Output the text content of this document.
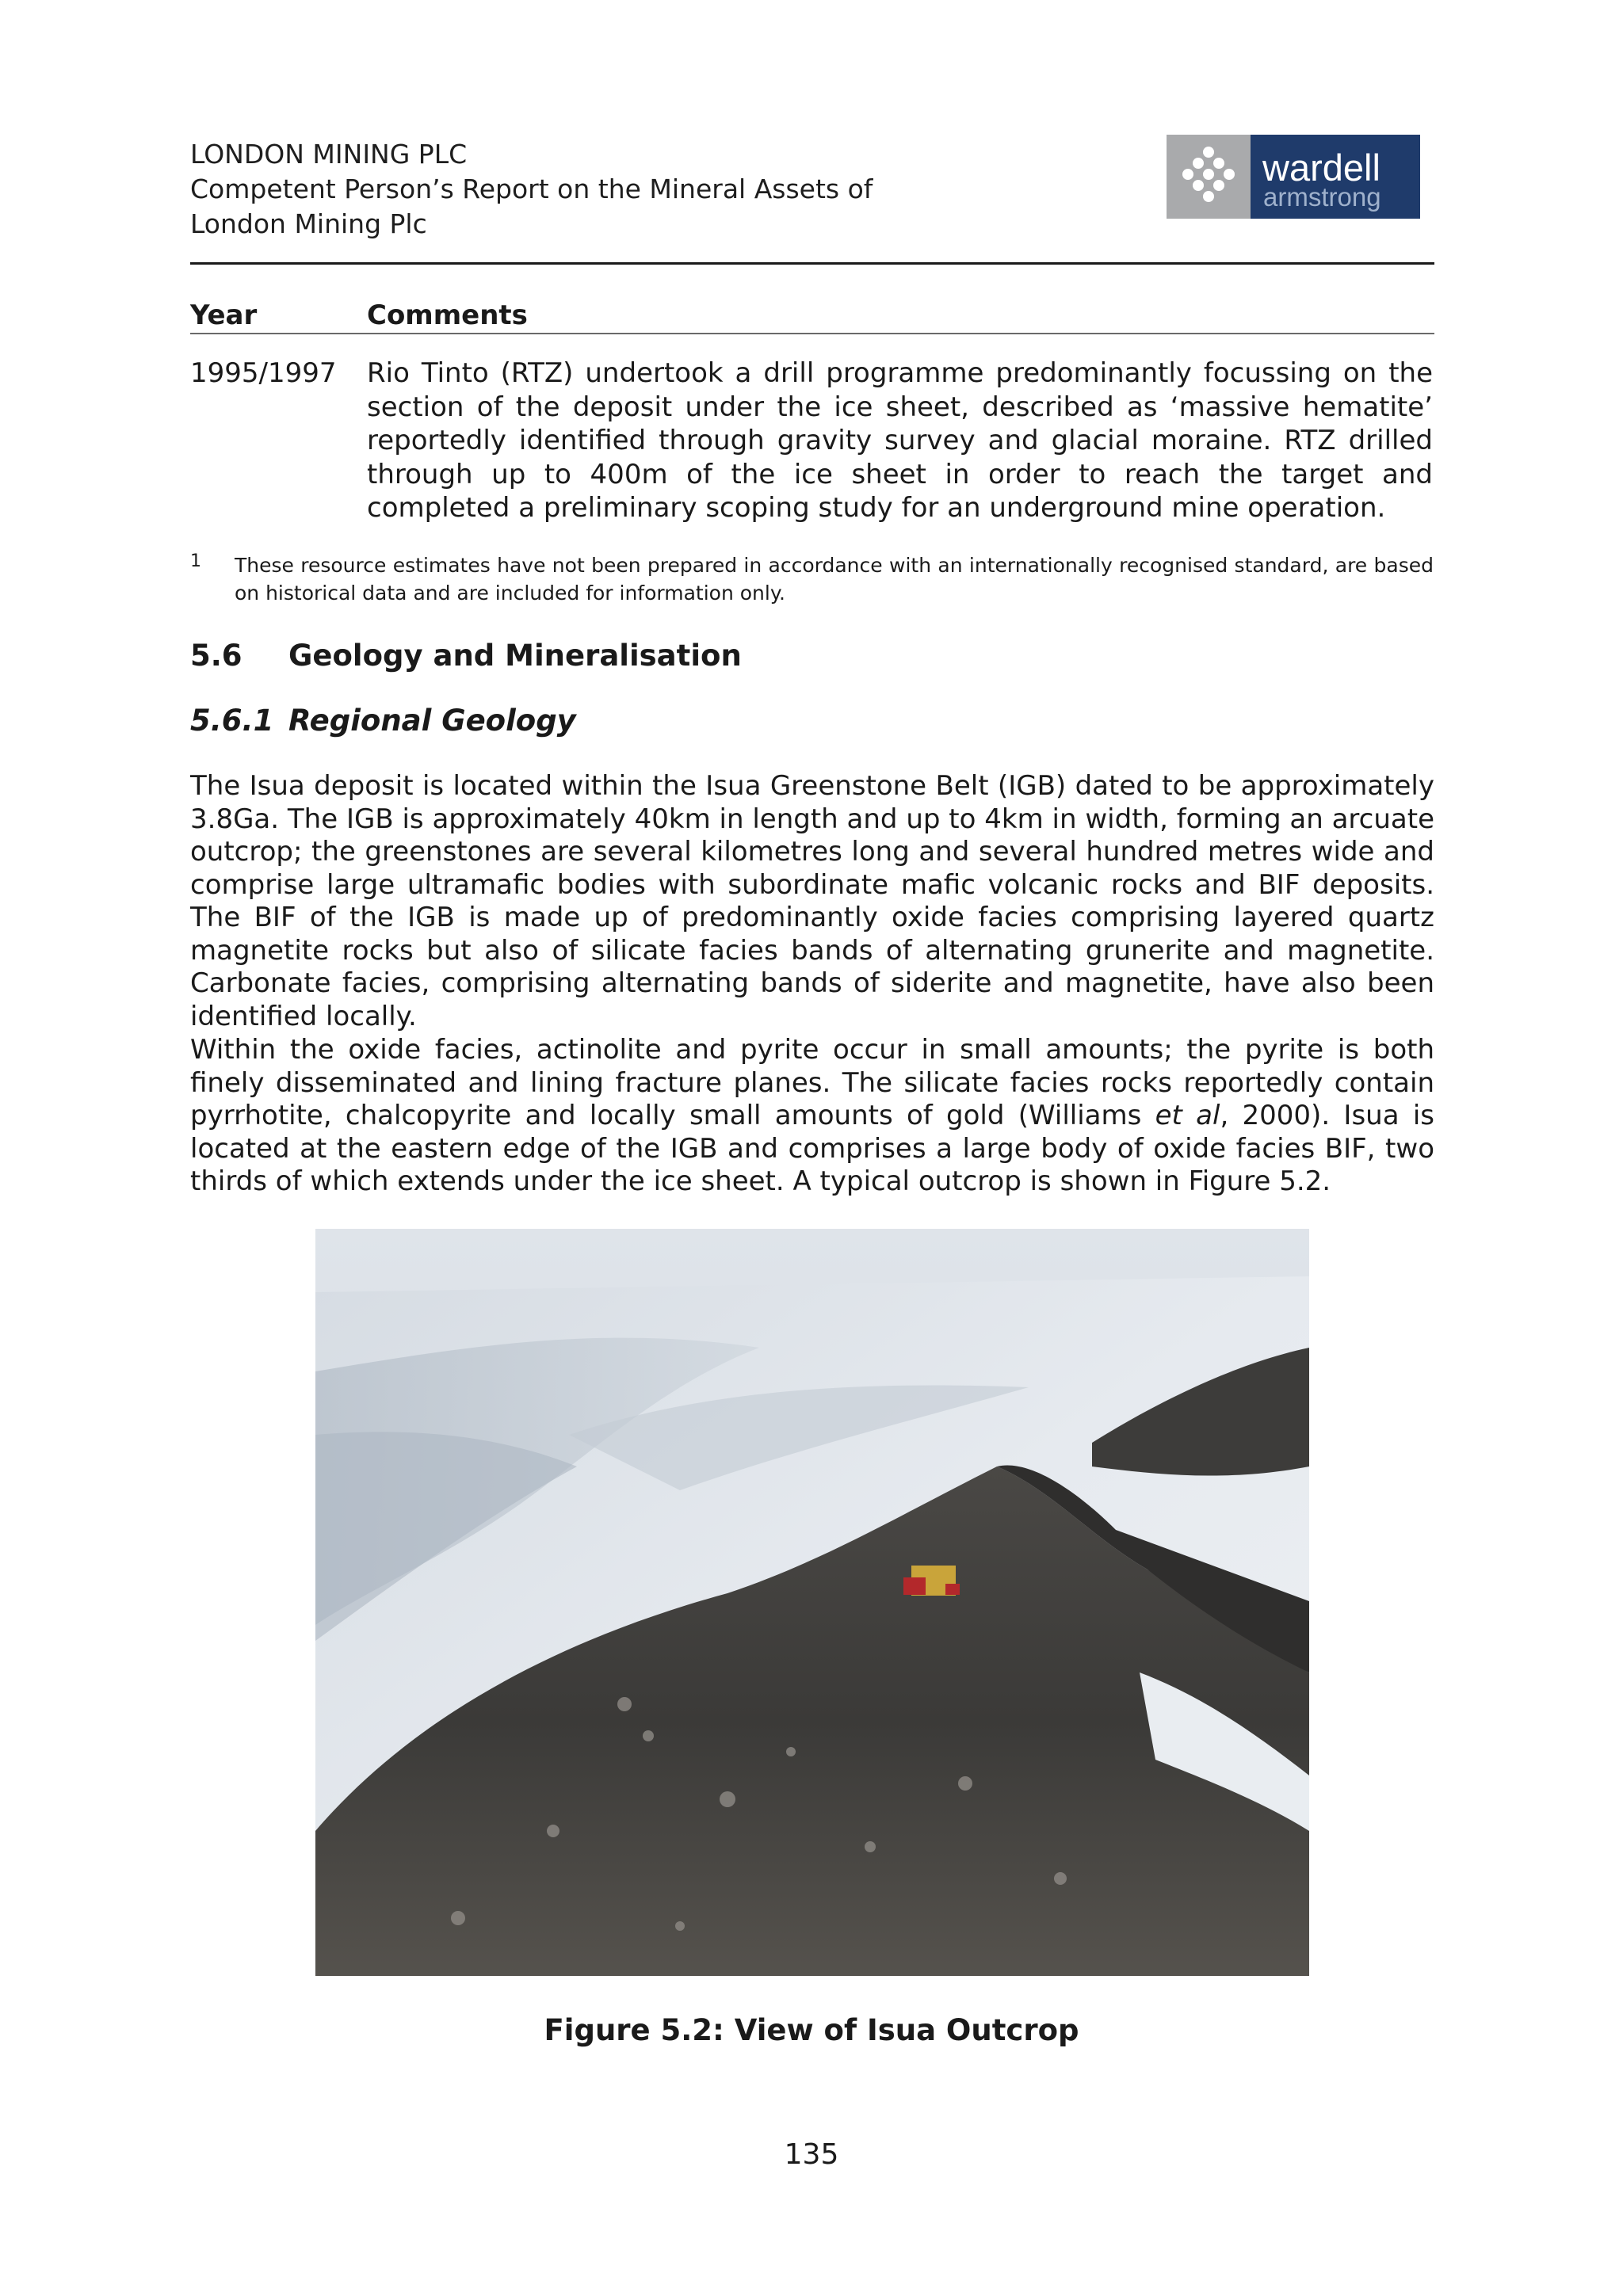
LONDON MINING PLC
Competent Person’s Report on the Mineral Assets of
London Mining Plc
wardell
armstrong
Year	Comments
1995/1997 Rio Tinto (RTZ) undertook a drill programme predominantly focussing on the section of the deposit under the ice sheet, described as ‘massive hematite’ reportedly identified through gravity survey and glacial moraine. RTZ drilled through up to 400m of the ice sheet in order to reach the target and completed a preliminary scoping study for an underground mine operation.
1 These resource estimates have not been prepared in accordance with an internationally recognised standard, are based on historical data and are included for information only.
5.6 Geology and Mineralisation
5.6.1 Regional Geology
The Isua deposit is located within the Isua Greenstone Belt (IGB) dated to be approximately 3.8Ga. The IGB is approximately 40km in length and up to 4km in width, forming an arcuate outcrop; the greenstones are several kilometres long and several hundred metres wide and comprise large ultramafic bodies with subordinate mafic volcanic rocks and BIF deposits. The BIF of the IGB is made up of predominantly oxide facies comprising layered quartz magnetite rocks but also of silicate facies bands of alternating grunerite and magnetite. Carbonate facies, comprising alternating bands of siderite and magnetite, have also been identified locally.
Within the oxide facies, actinolite and pyrite occur in small amounts; the pyrite is both finely disseminated and lining fracture planes. The silicate facies rocks reportedly contain pyrrhotite, chalcopyrite and locally small amounts of gold (Williams et al, 2000). Isua is located at the eastern edge of the IGB and comprises a large body of oxide facies BIF, two thirds of which extends under the ice sheet. A typical outcrop is shown in Figure 5.2.
Figure 5.2: View of Isua Outcrop
135
